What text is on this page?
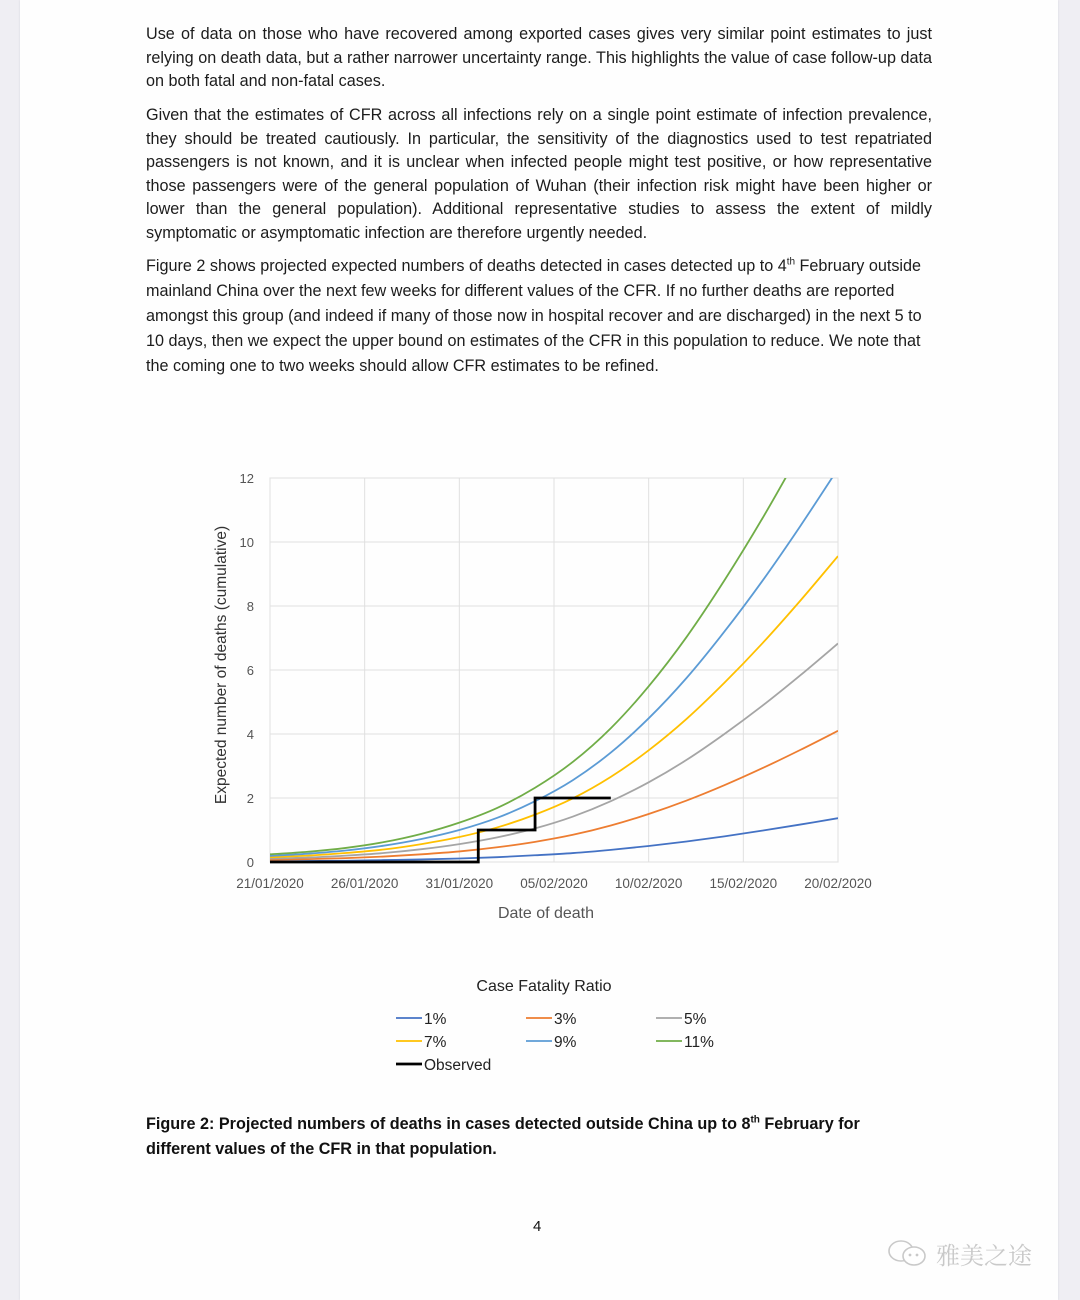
Use of data on those who have recovered among exported cases gives very similar point estimates to just relying on death data, but a rather narrower uncertainty range. This highlights the value of case follow-up data on both fatal and non-fatal cases.

Given that the estimates of CFR across all infections rely on a single point estimate of infection prevalence, they should be treated cautiously. In particular, the sensitivity of the diagnostics used to test repatriated passengers is not known, and it is unclear when infected people might test positive, or how representative those passengers were of the general population of Wuhan (their infection risk might have been higher or lower than the general population). Additional representative studies to assess the extent of mildly symptomatic or asymptomatic infection are therefore urgently needed.

Figure 2 shows projected expected numbers of deaths detected in cases detected up to 4th February outside mainland China over the next few weeks for different values of the CFR. If no further deaths are reported amongst this group (and indeed if many of those now in hospital recover and are discharged) in the next 5 to 10 days, then we expect the upper bound on estimates of the CFR in this population to reduce. We note that the coming one to two weeks should allow CFR estimates to be refined.

0
2
4
6
8
10
12
21/01/2020 26/01/2020 31/01/2020 05/02/2020 10/02/2020 15/02/2020 20/02/2020
Expected number of deaths (cumulative)
Date of death
Case Fatality Ratio
1%	3%	5%
7%	9%	11%
Observed

Figure 2: Projected numbers of deaths in cases detected outside China up to 8th February for different values of the CFR in that population.

4
雅美之途
